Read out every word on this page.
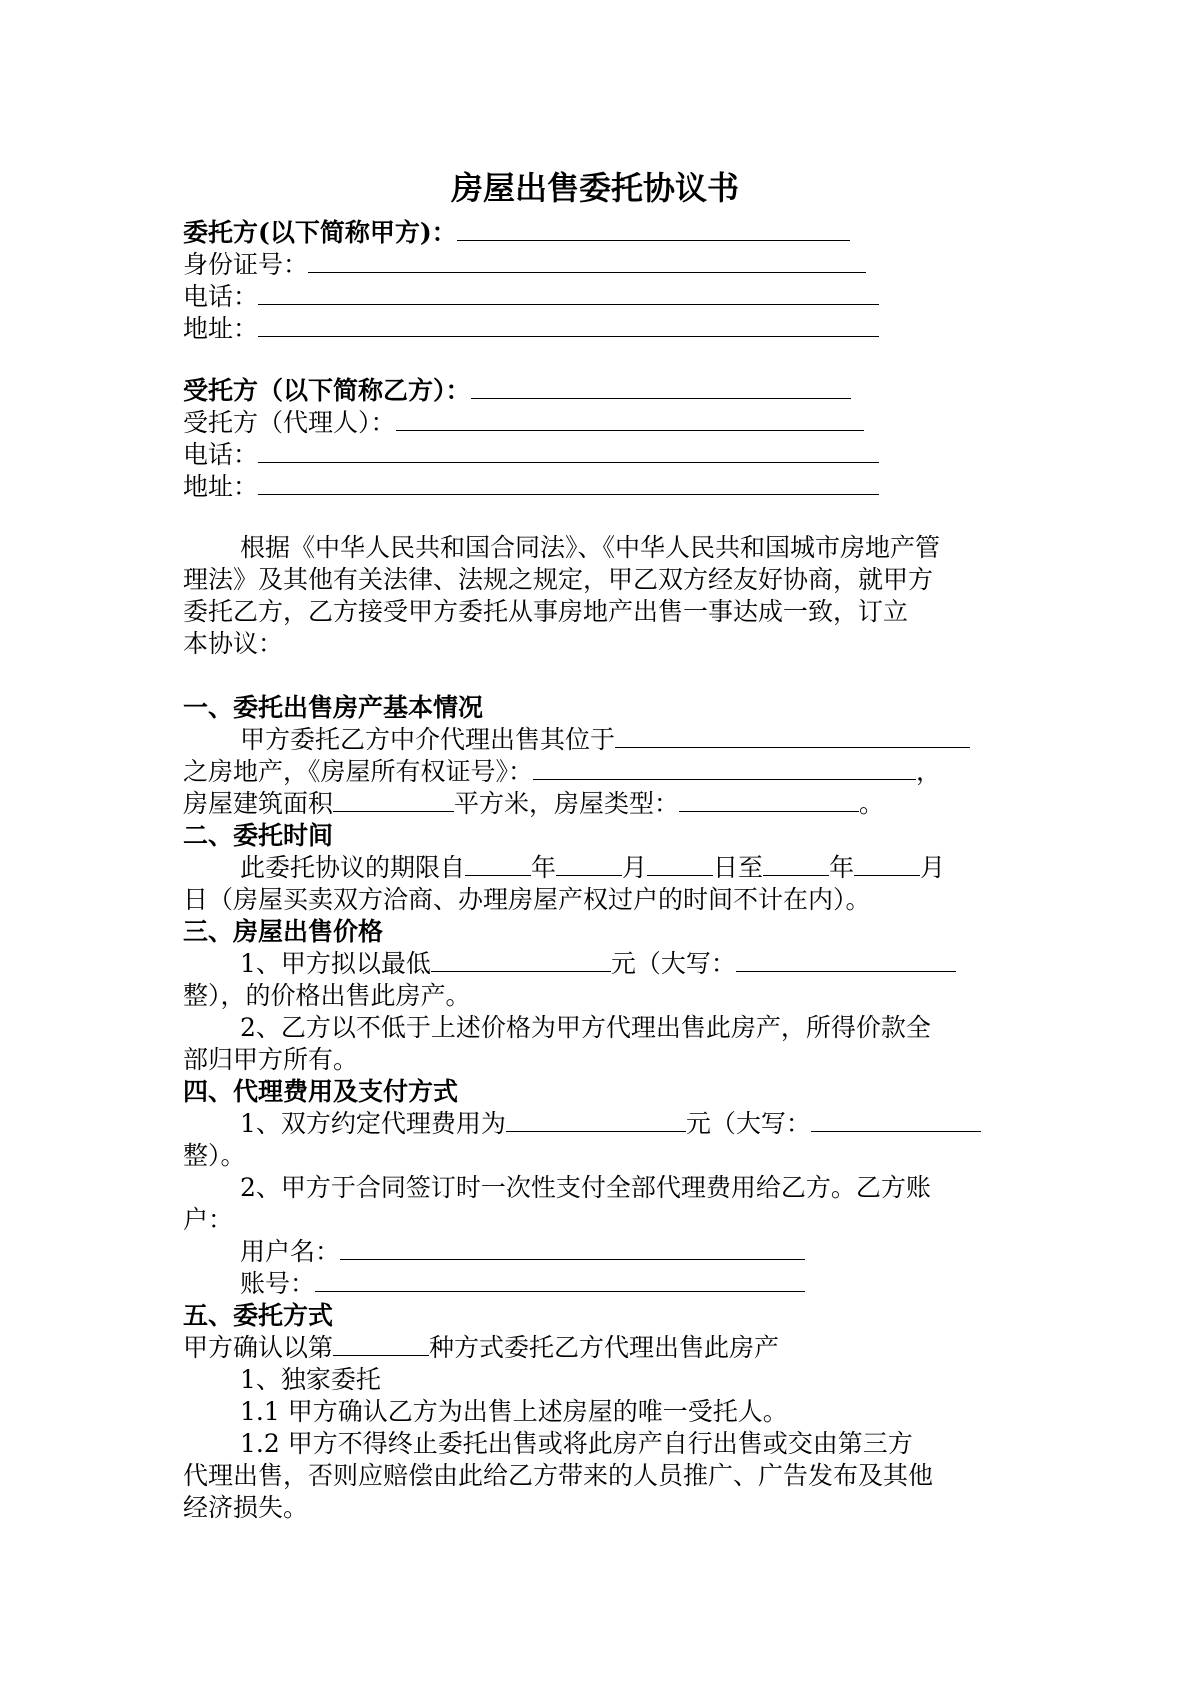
房屋出售委托协议书
委托方(以下简称甲方)：
身份证号：
电话：
地址：
受托方（以下简称乙方）：
受托方（代理人）：
电话：
地址：
根据《中华人民共和国合同法》、《中华人民共和国城市房地产管
理法》及其他有关法律、法规之规定，甲乙双方经友好协商，就甲方
委托乙方，乙方接受甲方委托从事房地产出售一事达成一致，订立
本协议：
一、委托出售房产基本情况
甲方委托乙方中介代理出售其位于
之房地产，《房屋所有权证号》：	，
房屋建筑面积	平方米，房屋类型：	。
二、委托时间
此委托协议的期限自	年	月	日至	年	月
日（房屋买卖双方洽商、办理房屋产权过户的时间不计在内）。
三、房屋出售价格
1、甲方拟以最低	元（大写：
整），的价格出售此房产。
2、乙方以不低于上述价格为甲方代理出售此房产，所得价款全
部归甲方所有。
四、代理费用及支付方式
1、双方约定代理费用为	元（大写：
整）。
2、甲方于合同签订时一次性支付全部代理费用给乙方。乙方账
户：
用户名：
账号：
五、委托方式
甲方确认以第	种方式委托乙方代理出售此房产
1、独家委托
1.1 甲方确认乙方为出售上述房屋的唯一受托人。
1.2 甲方不得终止委托出售或将此房产自行出售或交由第三方
代理出售，否则应赔偿由此给乙方带来的人员推广、广告发布及其他
经济损失。
